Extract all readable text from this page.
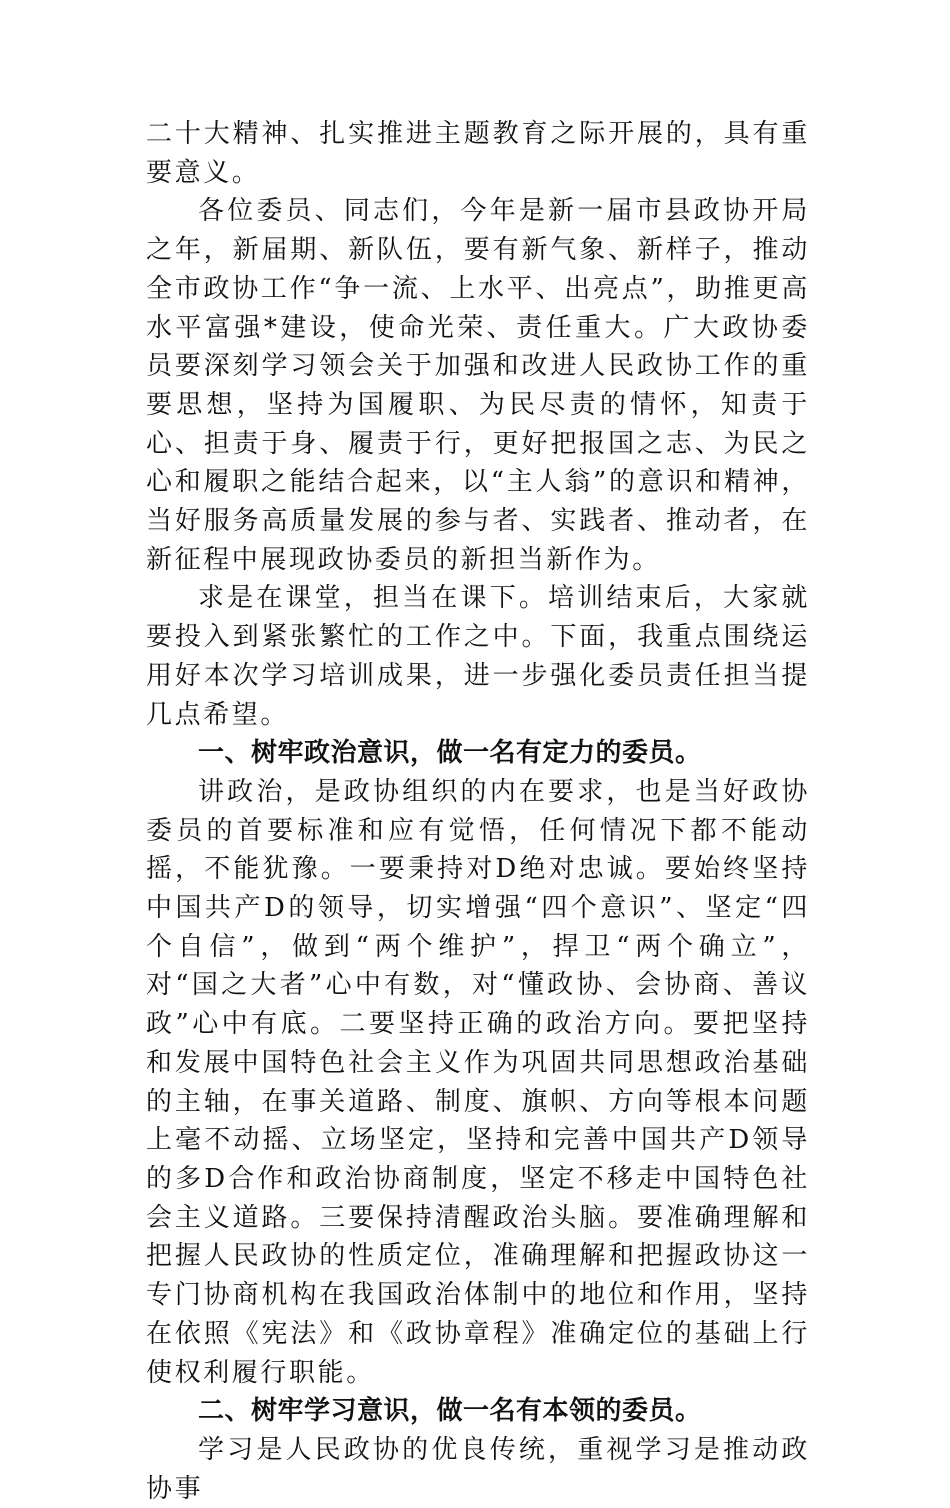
二十大精神、扎实推进主题教育之际开展的，具有重要意义。

各位委员、同志们，今年是新一届市县政协开局之年，新届期、新队伍，要有新气象、新样子，推动全市政协工作“争一流、上水平、出亮点”，助推更高水平富强*建设，使命光荣、责任重大。广大政协委员要深刻学习领会关于加强和改进人民政协工作的重要思想，坚持为国履职、为民尽责的情怀，知责于心、担责于身、履责于行，更好把报国之志、为民之心和履职之能结合起来，以“主人翁”的意识和精神，当好服务高质量发展的参与者、实践者、推动者，在新征程中展现政协委员的新担当新作为。

求是在课堂，担当在课下。培训结束后，大家就要投入到紧张繁忙的工作之中。下面，我重点围绕运用好本次学习培训成果，进一步强化委员责任担当提几点希望。

一、树牢政治意识，做一名有定力的委员。

讲政治，是政协组织的内在要求，也是当好政协委员的首要标准和应有觉悟，任何情况下都不能动摇，不能犹豫。一要秉持对D绝对忠诚。要始终坚持中国共产D的领导，切实增强“四个意识”、坚定“四个自信”，做到“两个维护”，捍卫“两个确立”，对“国之大者”心中有数，对“懂政协、会协商、善议政”心中有底。二要坚持正确的政治方向。要把坚持和发展中国特色社会主义作为巩固共同思想政治基础的主轴，在事关道路、制度、旗帜、方向等根本问题上毫不动摇、立场坚定，坚持和完善中国共产D领导的多D合作和政治协商制度，坚定不移走中国特色社会主义道路。三要保持清醒政治头脑。要准确理解和把握人民政协的性质定位，准确理解和把握政协这一专门协商机构在我国政治体制中的地位和作用，坚持在依照《宪法》和《政协章程》准确定位的基础上行使权利履行职能。

二、树牢学习意识，做一名有本领的委员。

学习是人民政协的优良传统，重视学习是推动政协事
